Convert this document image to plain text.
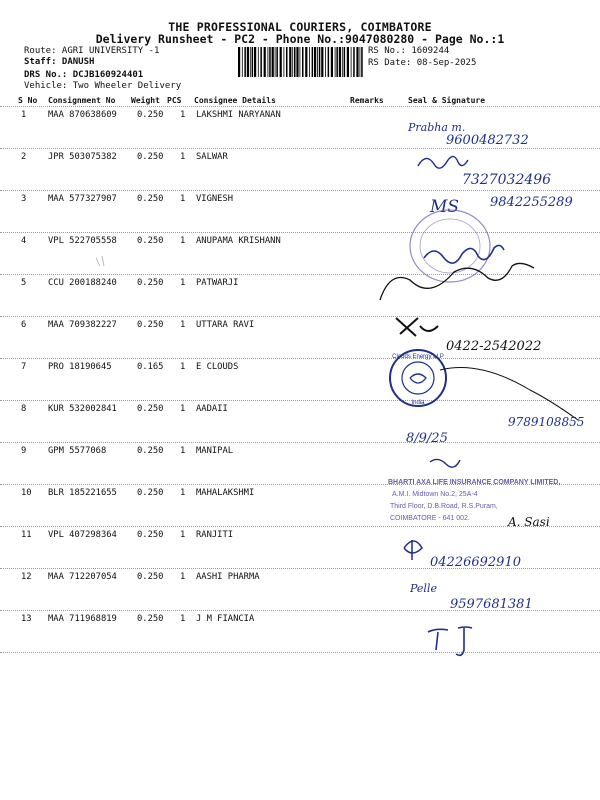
THE PROFESSIONAL COURIERS, COIMBATORE
Delivery Runsheet - PC2 - Phone No.:9047080280 - Page No.:1
Route: AGRI UNIVERSITY -1
Staff: DANUSH
DRS No.: DCJB160924401
Vehicle: Two Wheeler Delivery
RS No.: 1609244
RS Date: 08-Sep-2025
S No Consignment No Weight PCS Consignee Details	Remarks	Seal & Signature
1 MAA 870638609 0.250 1 LAKSHMI NARYANAN
2 JPR 503075382 0.250 1 SALWAR
3 MAA 577327907 0.250 1 VIGNESH
4 VPL 522705558 0.250 1 ANUPAMA KRISHANN
5 CCU 200188240 0.250 1 PATWARJI
6 MAA 709382227 0.250 1 UTTARA RAVI
7 PRO 18190645	0.165 1 E CLOUDS
8 KUR 532002841 0.250 1 AADAII
9 GPM 5577068	0.250 1 MANIPAL
10 BLR 185221655 0.250 1 MAHALAKSHMI
11 VPL 407298364 0.250 1 RANJITI
12 MAA 712207054 0.250 1 AASHI PHARMA
13 MAA 711968819 0.250 1 J M FIANCIA
Prabha m.
9600482732
7327032496
MS 9842255289
0422-2542022
Clouds Energy LLP
India
8/9/25
9789108855
BHARTI AXA LIFE INSURANCE COMPANY LIMITED,
A.M.I. Midtown No.2, 25A-4
Third Floor, D.B.Road, R.S.Puram,
COIMBATORE - 641 002.	A. Sasi
04226692910
Pelle
9597681381
